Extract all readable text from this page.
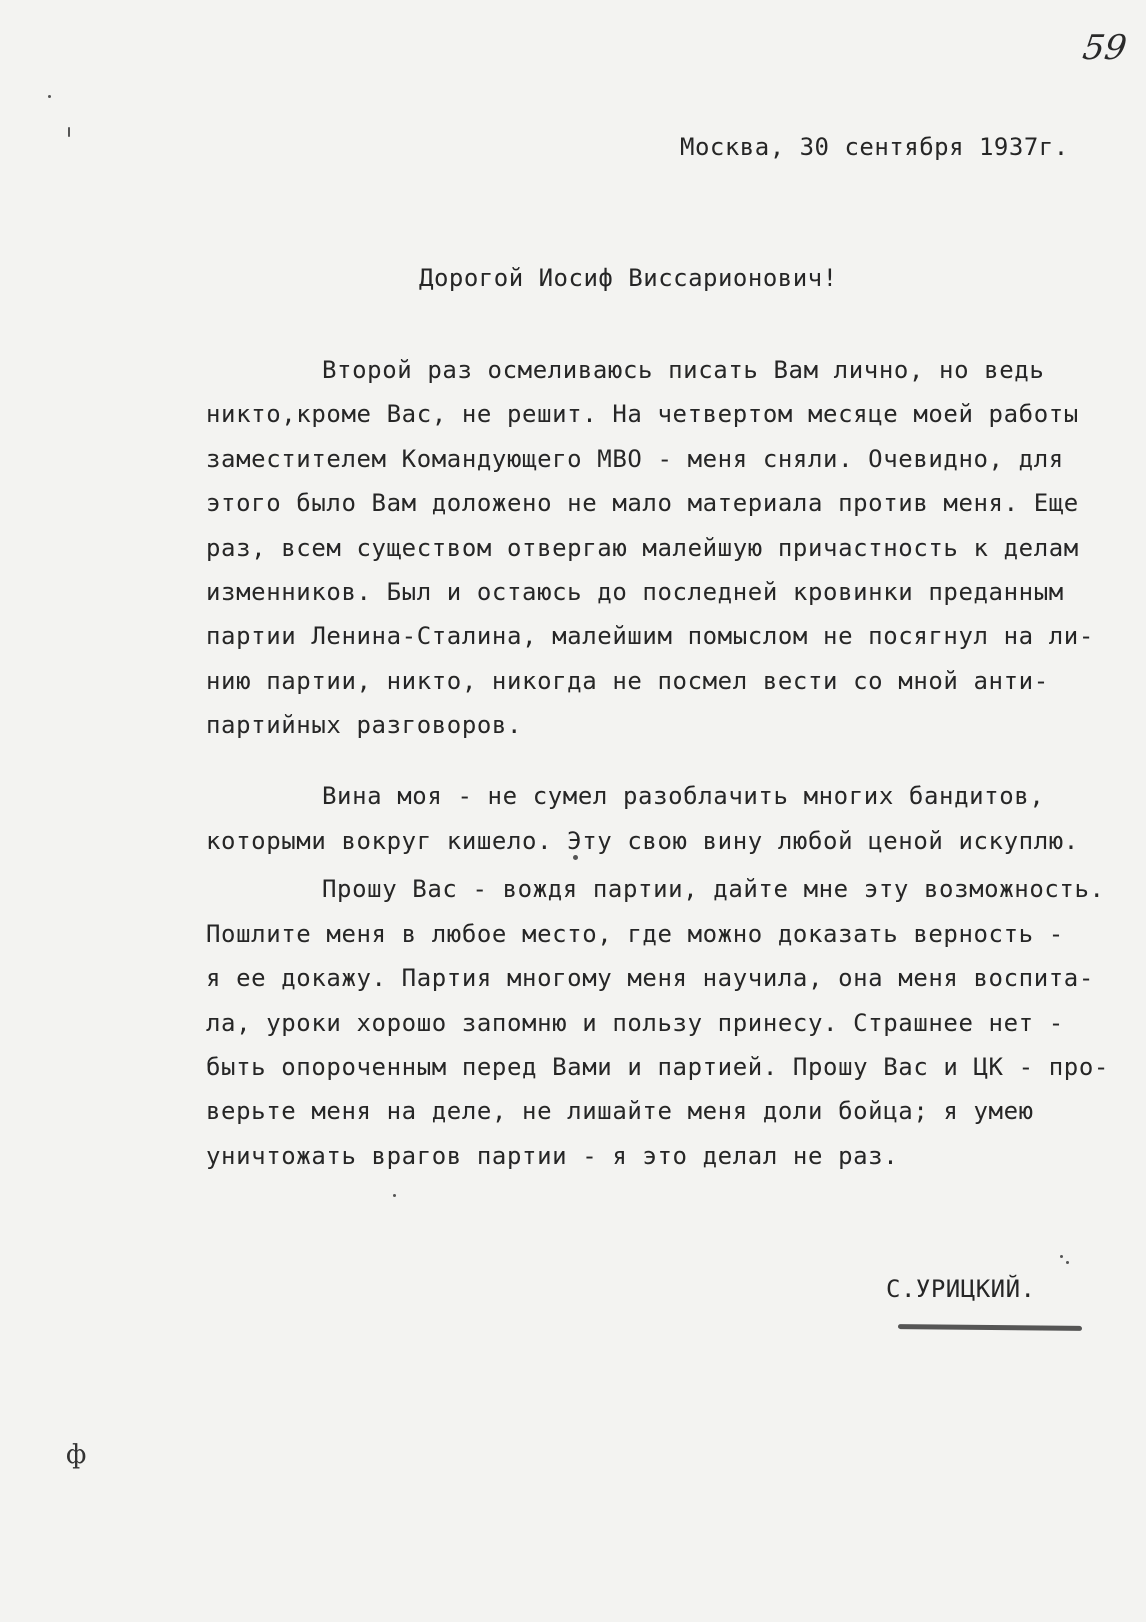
59
Москва, 30 сентября 1937г.
Дорогой Иосиф Виссарионович!
Второй раз осмеливаюсь писать Вам лично, но ведь
никто,кроме Вас, не решит. На четвертом месяце моей работы
заместителем Командующего МВО - меня сняли. Очевидно, для
этого было Вам доложено не мало материала против меня. Еще
раз, всем существом отвергаю малейшую причастность к делам
изменников. Был и остаюсь до последней кровинки преданным
партии Ленина-Сталина, малейшим помыслом не посягнул на ли-
нию партии, никто, никогда не посмел вести со мной анти-
партийных разговоров.
Вина моя - не сумел разоблачить многих бандитов,
которыми вокруг кишело. Эту свою вину любой ценой искуплю.
Прошу Вас - вождя партии, дайте мне эту возможность.
Пошлите меня в любое место, где можно доказать верность -
я ее докажу. Партия многому меня научила, она меня воспита-
ла, уроки хорошо запомню и пользу принесу. Страшнее нет -
быть опороченным перед Вами и партией. Прошу Вас и ЦК - про-
верьте меня на деле, не лишайте меня доли бойца; я умею
уничтожать врагов партии - я это делал не раз.
С.УРИЦКИЙ.
ф
